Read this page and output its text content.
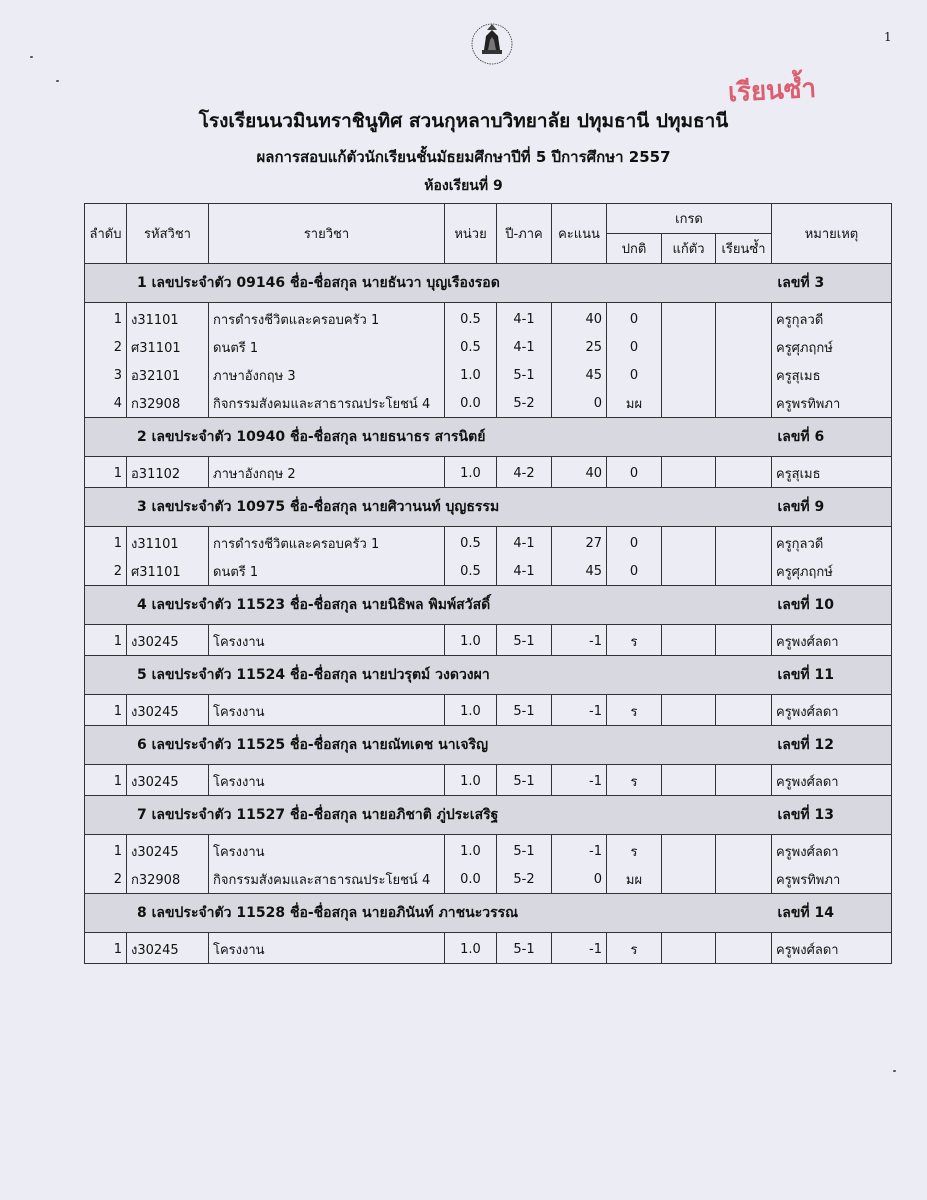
1
เรียนซ้ำ
โรงเรียนนวมินทราชินูทิศ สวนกุหลาบวิทยาลัย ปทุมธานี ปทุมธานี
ผลการสอบแก้ตัวนักเรียนชั้นมัธยมศึกษาปีที่ 5 ปีการศึกษา 2557
ห้องเรียนที่ 9
ลำดับ	รหัสวิชา	รายวิชา	หน่วย	ปี-ภาค	คะแนน	เกรด			หมายเหตุ
						ปกติ	แก้ตัว	เรียนซ้ำ	
1 เลขประจำตัว 09146 ชื่อ-ชื่อสกุล นายธันวา บุญเรืองรอด									เลขที่ 3
1	ง31101	การดำรงชีวิตและครอบครัว 1	0.5	4-1	40	0			ครูกุลวดี
2	ศ31101	ดนตรี 1	0.5	4-1	25	0			ครูศุภฤกษ์
3	อ32101	ภาษาอังกฤษ 3	1.0	5-1	45	0			ครูสุเมธ
4	ก32908	กิจกรรมสังคมและสาธารณประโยชน์ 4	0.0	5-2	0	มผ			ครูพรทิพภา
2 เลขประจำตัว 10940 ชื่อ-ชื่อสกุล นายธนาธร สารนิตย์									เลขที่ 6
1	อ31102	ภาษาอังกฤษ 2	1.0	4-2	40	0			ครูสุเมธ
3 เลขประจำตัว 10975 ชื่อ-ชื่อสกุล นายศิวานนท์ บุญธรรม									เลขที่ 9
1	ง31101	การดำรงชีวิตและครอบครัว 1	0.5	4-1	27	0			ครูกุลวดี
2	ศ31101	ดนตรี 1	0.5	4-1	45	0			ครูศุภฤกษ์
4 เลขประจำตัว 11523 ชื่อ-ชื่อสกุล นายนิธิพล พิมพ์สวัสดิ์									เลขที่ 10
1	ง30245	โครงงาน	1.0	5-1	-1	ร			ครูพงศ์ลดา
5 เลขประจำตัว 11524 ชื่อ-ชื่อสกุล นายปวรุตม์ วงดวงผา									เลขที่ 11
1	ง30245	โครงงาน	1.0	5-1	-1	ร			ครูพงศ์ลดา
6 เลขประจำตัว 11525 ชื่อ-ชื่อสกุล นายณัทเดช นาเจริญ									เลขที่ 12
1	ง30245	โครงงาน	1.0	5-1	-1	ร			ครูพงศ์ลดา
7 เลขประจำตัว 11527 ชื่อ-ชื่อสกุล นายอภิชาติ ภู่ประเสริฐ									เลขที่ 13
1	ง30245	โครงงาน	1.0	5-1	-1	ร			ครูพงศ์ลดา
2	ก32908	กิจกรรมสังคมและสาธารณประโยชน์ 4	0.0	5-2	0	มผ			ครูพรทิพภา
8 เลขประจำตัว 11528 ชื่อ-ชื่อสกุล นายอภินันท์ ภาชนะวรรณ									เลขที่ 14
1	ง30245	โครงงาน	1.0	5-1	-1	ร			ครูพงศ์ลดา
